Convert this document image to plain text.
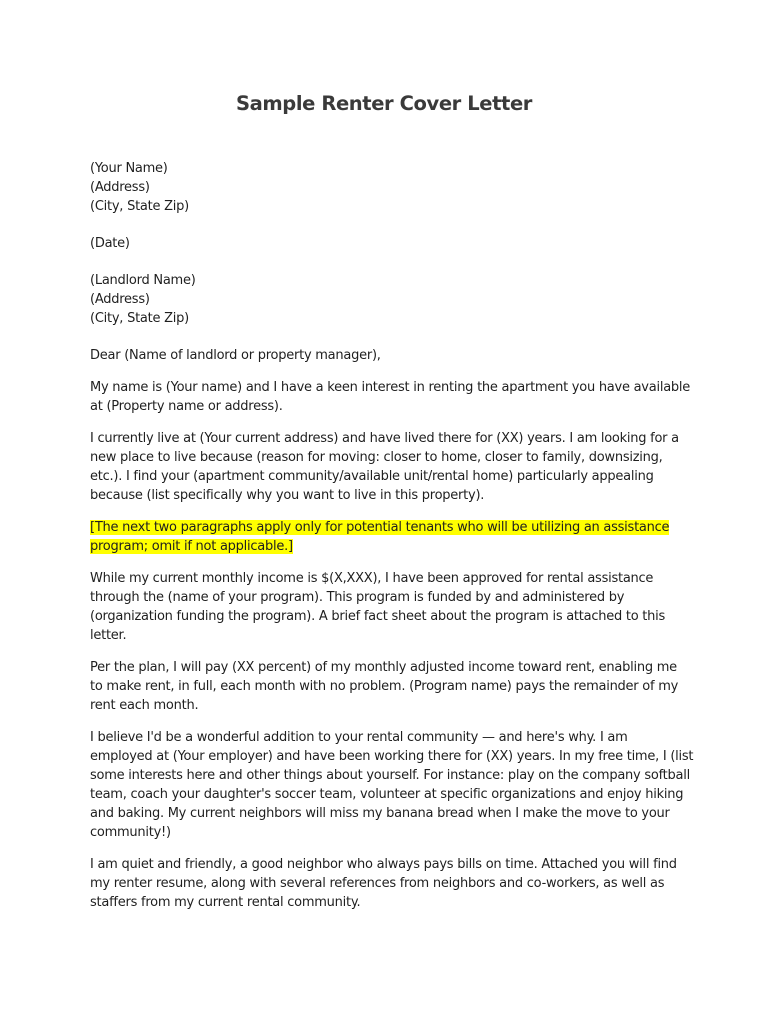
Sample Renter Cover Letter
(Your Name)
(Address)
(City, State Zip)
(Date)
(Landlord Name)
(Address)
(City, State Zip)
Dear (Name of landlord or property manager),
My name is (Your name) and I have a keen interest in renting the apartment you have available
at (Property name or address).
I currently live at (Your current address) and have lived there for (XX) years. I am looking for a
new place to live because (reason for moving: closer to home, closer to family, downsizing,
etc.). I find your (apartment community/available unit/rental home) particularly appealing
because (list specifically why you want to live in this property).
[The next two paragraphs apply only for potential tenants who will be utilizing an assistance
program; omit if not applicable.]
While my current monthly income is $(X,XXX), I have been approved for rental assistance
through the (name of your program). This program is funded by and administered by
(organization funding the program). A brief fact sheet about the program is attached to this
letter.
Per the plan, I will pay (XX percent) of my monthly adjusted income toward rent, enabling me
to make rent, in full, each month with no problem. (Program name) pays the remainder of my
rent each month.
I believe I'd be a wonderful addition to your rental community — and here's why. I am
employed at (Your employer) and have been working there for (XX) years. In my free time, I (list
some interests here and other things about yourself. For instance: play on the company softball
team, coach your daughter's soccer team, volunteer at specific organizations and enjoy hiking
and baking. My current neighbors will miss my banana bread when I make the move to your
community!)
I am quiet and friendly, a good neighbor who always pays bills on time. Attached you will find
my renter resume, along with several references from neighbors and co-workers, as well as
staffers from my current rental community.
